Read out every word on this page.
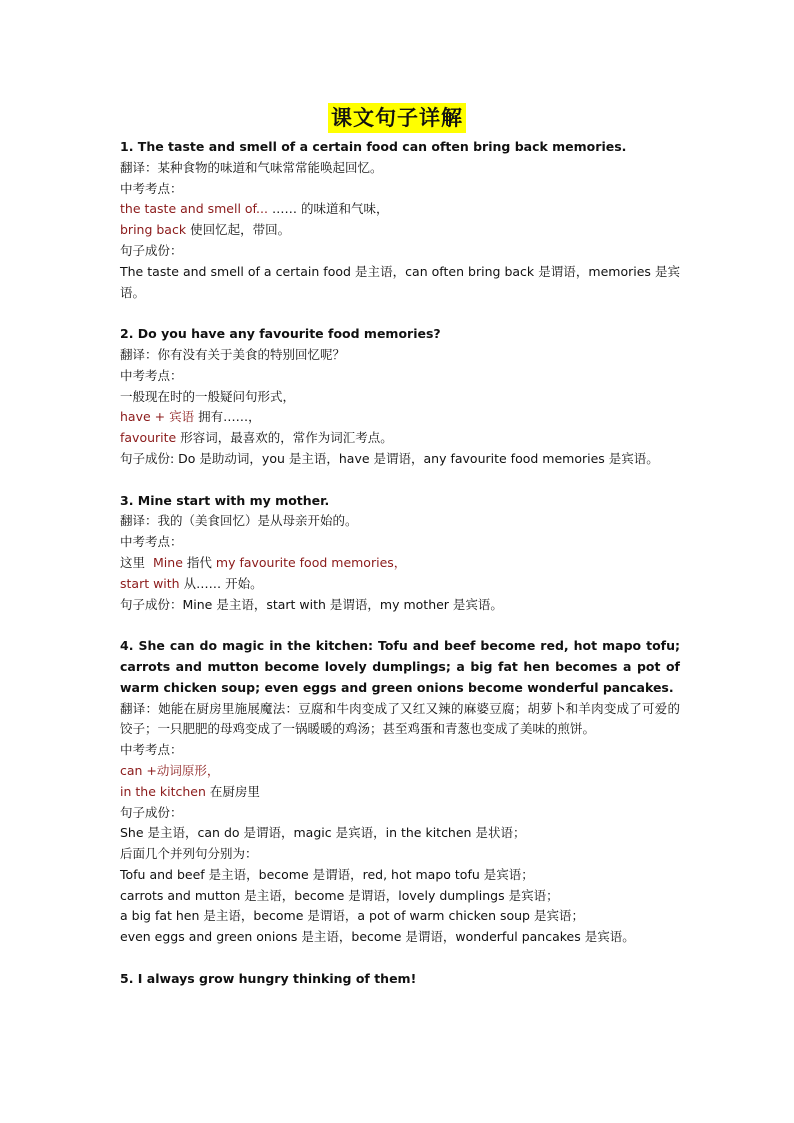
课文句子详解
1. The taste and smell of a certain food can often bring back memories.
翻译：某种食物的味道和气味常常能唤起回忆。
中考考点：
the taste and smell of... …… 的味道和气味，
bring back 使回忆起，带回。
句子成份：
The taste and smell of a certain food 是主语，can often bring back 是谓语，memories 是宾语。
2. Do you have any favourite food memories?
翻译：你有没有关于美食的特别回忆呢？
中考考点：
一般现在时的一般疑问句形式，
have + 宾语 拥有……，
favourite 形容词，最喜欢的，常作为词汇考点。
句子成份: Do 是助动词，you 是主语，have 是谓语，any favourite food memories 是宾语。
3. Mine start with my mother.
翻译：我的（美食回忆）是从母亲开始的。
中考考点：
这里 Mine 指代 my favourite food memories，
start with 从…… 开始。
句子成份：Mine 是主语，start with 是谓语，my mother 是宾语。
4. She can do magic in the kitchen: Tofu and beef become red, hot mapo tofu; carrots and mutton become lovely dumplings; a big fat hen becomes a pot of warm chicken soup; even eggs and green onions become wonderful pancakes.
翻译：她能在厨房里施展魔法：豆腐和牛肉变成了又红又辣的麻婆豆腐；胡萝卜和羊肉变成了可爱的饺子；一只肥肥的母鸡变成了一锅暖暖的鸡汤；甚至鸡蛋和青葱也变成了美味的煎饼。
中考考点：
can +动词原形，
in the kitchen 在厨房里
句子成份：
She 是主语，can do 是谓语，magic 是宾语，in the kitchen 是状语；
后面几个并列句分别为：
Tofu and beef 是主语，become 是谓语，red, hot mapo tofu 是宾语；
carrots and mutton 是主语，become 是谓语，lovely dumplings 是宾语；
a big fat hen 是主语，become 是谓语，a pot of warm chicken soup 是宾语；
even eggs and green onions 是主语，become 是谓语，wonderful pancakes 是宾语。
5. I always grow hungry thinking of them!
